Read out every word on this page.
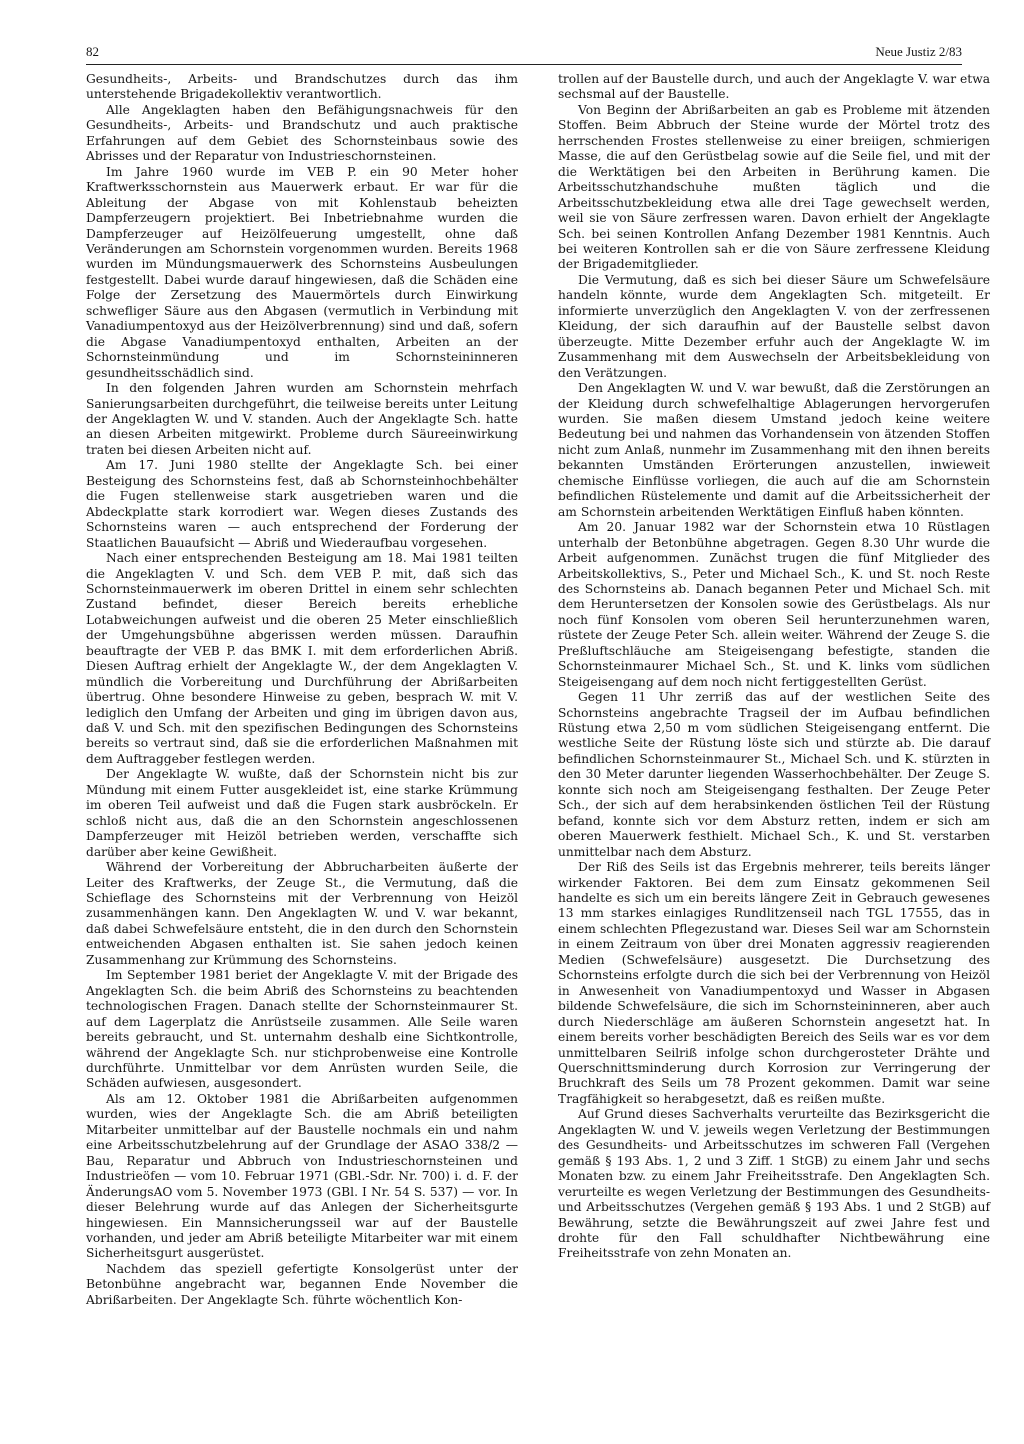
82	Neue Justiz 2/83

Gesundheits-, Arbeits- und Brandschutzes durch das ihm unterstehende Brigadekollektiv verantwortlich.

Alle Angeklagten haben den Befähigungsnachweis für den Gesundheits-, Arbeits- und Brandschutz und auch praktische Erfahrungen auf dem Gebiet des Schornsteinbaus sowie des Abrisses und der Reparatur von Industrieschornsteinen.

Im Jahre 1960 wurde im VEB P. ein 90 Meter hoher Kraftwerksschornstein aus Mauerwerk erbaut. Er war für die Ableitung der Abgase von mit Kohlenstaub beheizten Dampferzeugern projektiert. Bei Inbetriebnahme wurden die Dampferzeuger auf Heizölfeuerung umgestellt, ohne daß Veränderungen am Schornstein vorgenommen wurden. Bereits 1968 wurden im Mündungsmauerwerk des Schornsteins Ausbeulungen festgestellt. Dabei wurde darauf hingewiesen, daß die Schäden eine Folge der Zersetzung des Mauermörtels durch Einwirkung schwefliger Säure aus den Abgasen (vermutlich in Verbindung mit Vanadiumpentoxyd aus der Heizölverbrennung) sind und daß, sofern die Abgase Vanadiumpentoxyd enthalten, Arbeiten an der Schornsteinmündung und im Schornsteininneren gesundheitsschädlich sind.

In den folgenden Jahren wurden am Schornstein mehrfach Sanierungsarbeiten durchgeführt, die teilweise bereits unter Leitung der Angeklagten W. und V. standen. Auch der Angeklagte Sch. hatte an diesen Arbeiten mitgewirkt. Probleme durch Säureeinwirkung traten bei diesen Arbeiten nicht auf.

Am 17. Juni 1980 stellte der Angeklagte Sch. bei einer Besteigung des Schornsteins fest, daß ab Schornsteinhochbehälter die Fugen stellenweise stark ausgetrieben waren und die Abdeckplatte stark korrodiert war. Wegen dieses Zustands des Schornsteins waren — auch entsprechend der Forderung der Staatlichen Bauaufsicht — Abriß und Wiederaufbau vorgesehen.

Nach einer entsprechenden Besteigung am 18. Mai 1981 teilten die Angeklagten V. und Sch. dem VEB P. mit, daß sich das Schornsteinmauerwerk im oberen Drittel in einem sehr schlechten Zustand befindet, dieser Bereich bereits erhebliche Lotabweichungen aufweist und die oberen 25 Meter einschließlich der Umgehungsbühne abgerissen werden müssen. Daraufhin beauftragte der VEB P. das BMK I. mit dem erforderlichen Abriß. Diesen Auftrag erhielt der Angeklagte W., der dem Angeklagten V. mündlich die Vorbereitung und Durchführung der Abrißarbeiten übertrug. Ohne besondere Hinweise zu geben, besprach W. mit V. lediglich den Umfang der Arbeiten und ging im übrigen davon aus, daß V. und Sch. mit den spezifischen Bedingungen des Schornsteins bereits so vertraut sind, daß sie die erforderlichen Maßnahmen mit dem Auftraggeber festlegen werden.

Der Angeklagte W. wußte, daß der Schornstein nicht bis zur Mündung mit einem Futter ausgekleidet ist, eine starke Krümmung im oberen Teil aufweist und daß die Fugen stark ausbröckeln. Er schloß nicht aus, daß die an den Schornstein angeschlossenen Dampferzeuger mit Heizöl betrieben werden, verschaffte sich darüber aber keine Gewißheit.

Während der Vorbereitung der Abbrucharbeiten äußerte der Leiter des Kraftwerks, der Zeuge St., die Vermutung, daß die Schieflage des Schornsteins mit der Verbrennung von Heizöl zusammenhängen kann. Den Angeklagten W. und V. war bekannt, daß dabei Schwefelsäure entsteht, die in den durch den Schornstein entweichenden Abgasen enthalten ist. Sie sahen jedoch keinen Zusammenhang zur Krümmung des Schornsteins.

Im September 1981 beriet der Angeklagte V. mit der Brigade des Angeklagten Sch. die beim Abriß des Schornsteins zu beachtenden technologischen Fragen. Danach stellte der Schornsteinmaurer St. auf dem Lagerplatz die Anrüstseile zusammen. Alle Seile waren bereits gebraucht, und St. unternahm deshalb eine Sichtkontrolle, während der Angeklagte Sch. nur stichprobenweise eine Kontrolle durchführte. Unmittelbar vor dem Anrüsten wurden Seile, die Schäden aufwiesen, ausgesondert.

Als am 12. Oktober 1981 die Abrißarbeiten aufgenommen wurden, wies der Angeklagte Sch. die am Abriß beteiligten Mitarbeiter unmittelbar auf der Baustelle nochmals ein und nahm eine Arbeitsschutzbelehrung auf der Grundlage der ASAO 338/2 — Bau, Reparatur und Abbruch von Industrieschornsteinen und Industrieöfen — vom 10. Februar 1971 (GBl.-Sdr. Nr. 700) i. d. F. der ÄnderungsAO vom 5. November 1973 (GBl. I Nr. 54 S. 537) — vor. In dieser Belehrung wurde auf das Anlegen der Sicherheitsgurte hingewiesen. Ein Mannsicherungsseil war auf der Baustelle vorhanden, und jeder am Abriß beteiligte Mitarbeiter war mit einem Sicherheitsgurt ausgerüstet.

Nachdem das speziell gefertigte Konsolgerüst unter der Betonbühne angebracht war, begannen Ende November die Abrißarbeiten. Der Angeklagte Sch. führte wöchentlich Kon-

trollen auf der Baustelle durch, und auch der Angeklagte V. war etwa sechsmal auf der Baustelle.

Von Beginn der Abrißarbeiten an gab es Probleme mit ätzenden Stoffen. Beim Abbruch der Steine wurde der Mörtel trotz des herrschenden Frostes stellenweise zu einer breiigen, schmierigen Masse, die auf den Gerüstbelag sowie auf die Seile fiel, und mit der die Werktätigen bei den Arbeiten in Berührung kamen. Die Arbeitsschutzhandschuhe mußten täglich und die Arbeitsschutzbekleidung etwa alle drei Tage gewechselt werden, weil sie von Säure zerfressen waren. Davon erhielt der Angeklagte Sch. bei seinen Kontrollen Anfang Dezember 1981 Kenntnis. Auch bei weiteren Kontrollen sah er die von Säure zerfressene Kleidung der Brigademitglieder.

Die Vermutung, daß es sich bei dieser Säure um Schwefelsäure handeln könnte, wurde dem Angeklagten Sch. mitgeteilt. Er informierte unverzüglich den Angeklagten V. von der zerfressenen Kleidung, der sich daraufhin auf der Baustelle selbst davon überzeugte. Mitte Dezember erfuhr auch der Angeklagte W. im Zusammenhang mit dem Auswechseln der Arbeitsbekleidung von den Verätzungen.

Den Angeklagten W. und V. war bewußt, daß die Zerstörungen an der Kleidung durch schwefelhaltige Ablagerungen hervorgerufen wurden. Sie maßen diesem Umstand jedoch keine weitere Bedeutung bei und nahmen das Vorhandensein von ätzenden Stoffen nicht zum Anlaß, nunmehr im Zusammenhang mit den ihnen bereits bekannten Umständen Erörterungen anzustellen, inwieweit chemische Einflüsse vorliegen, die auch auf die am Schornstein befindlichen Rüstelemente und damit auf die Arbeitssicherheit der am Schornstein arbeitenden Werktätigen Einfluß haben könnten.

Am 20. Januar 1982 war der Schornstein etwa 10 Rüstlagen unterhalb der Betonbühne abgetragen. Gegen 8.30 Uhr wurde die Arbeit aufgenommen. Zunächst trugen die fünf Mitglieder des Arbeitskollektivs, S., Peter und Michael Sch., K. und St. noch Reste des Schornsteins ab. Danach begannen Peter und Michael Sch. mit dem Heruntersetzen der Konsolen sowie des Gerüstbelags. Als nur noch fünf Konsolen vom oberen Seil herunterzunehmen waren, rüstete der Zeuge Peter Sch. allein weiter. Während der Zeuge S. die Preßluftschläuche am Steigeisengang befestigte, standen die Schornsteinmaurer Michael Sch., St. und K. links vom südlichen Steigeisengang auf dem noch nicht fertiggestellten Gerüst.

Gegen 11 Uhr zerriß das auf der westlichen Seite des Schornsteins angebrachte Tragseil der im Aufbau befindlichen Rüstung etwa 2,50 m vom südlichen Steigeisengang entfernt. Die westliche Seite der Rüstung löste sich und stürzte ab. Die darauf befindlichen Schornsteinmaurer St., Michael Sch. und K. stürzten in den 30 Meter darunter liegenden Wasserhochbehälter. Der Zeuge S. konnte sich noch am Steigeisengang festhalten. Der Zeuge Peter Sch., der sich auf dem herabsinkenden östlichen Teil der Rüstung befand, konnte sich vor dem Absturz retten, indem er sich am oberen Mauerwerk festhielt. Michael Sch., K. und St. verstarben unmittelbar nach dem Absturz.

Der Riß des Seils ist das Ergebnis mehrerer, teils bereits länger wirkender Faktoren. Bei dem zum Einsatz gekommenen Seil handelte es sich um ein bereits längere Zeit in Gebrauch gewesenes 13 mm starkes einlagiges Rundlitzenseil nach TGL 17555, das in einem schlechten Pflegezustand war. Dieses Seil war am Schornstein in einem Zeitraum von über drei Monaten aggressiv reagierenden Medien (Schwefelsäure) ausgesetzt. Die Durchsetzung des Schornsteins erfolgte durch die sich bei der Verbrennung von Heizöl in Anwesenheit von Vanadiumpentoxyd und Wasser in Abgasen bildende Schwefelsäure, die sich im Schornsteininneren, aber auch durch Niederschläge am äußeren Schornstein angesetzt hat. In einem bereits vorher beschädigten Bereich des Seils war es vor dem unmittelbaren Seilriß infolge schon durchgerosteter Drähte und Querschnittsminderung durch Korrosion zur Verringerung der Bruchkraft des Seils um 78 Prozent gekommen. Damit war seine Tragfähigkeit so herabgesetzt, daß es reißen mußte.

Auf Grund dieses Sachverhalts verurteilte das Bezirksgericht die Angeklagten W. und V. jeweils wegen Verletzung der Bestimmungen des Gesundheits- und Arbeitsschutzes im schweren Fall (Vergehen gemäß § 193 Abs. 1, 2 und 3 Ziff. 1 StGB) zu einem Jahr und sechs Monaten bzw. zu einem Jahr Freiheitsstrafe. Den Angeklagten Sch. verurteilte es wegen Verletzung der Bestimmungen des Gesundheits- und Arbeitsschutzes (Vergehen gemäß § 193 Abs. 1 und 2 StGB) auf Bewährung, setzte die Bewährungszeit auf zwei Jahre fest und drohte für den Fall schuldhafter Nichtbewährung eine Freiheitsstrafe von zehn Monaten an.
